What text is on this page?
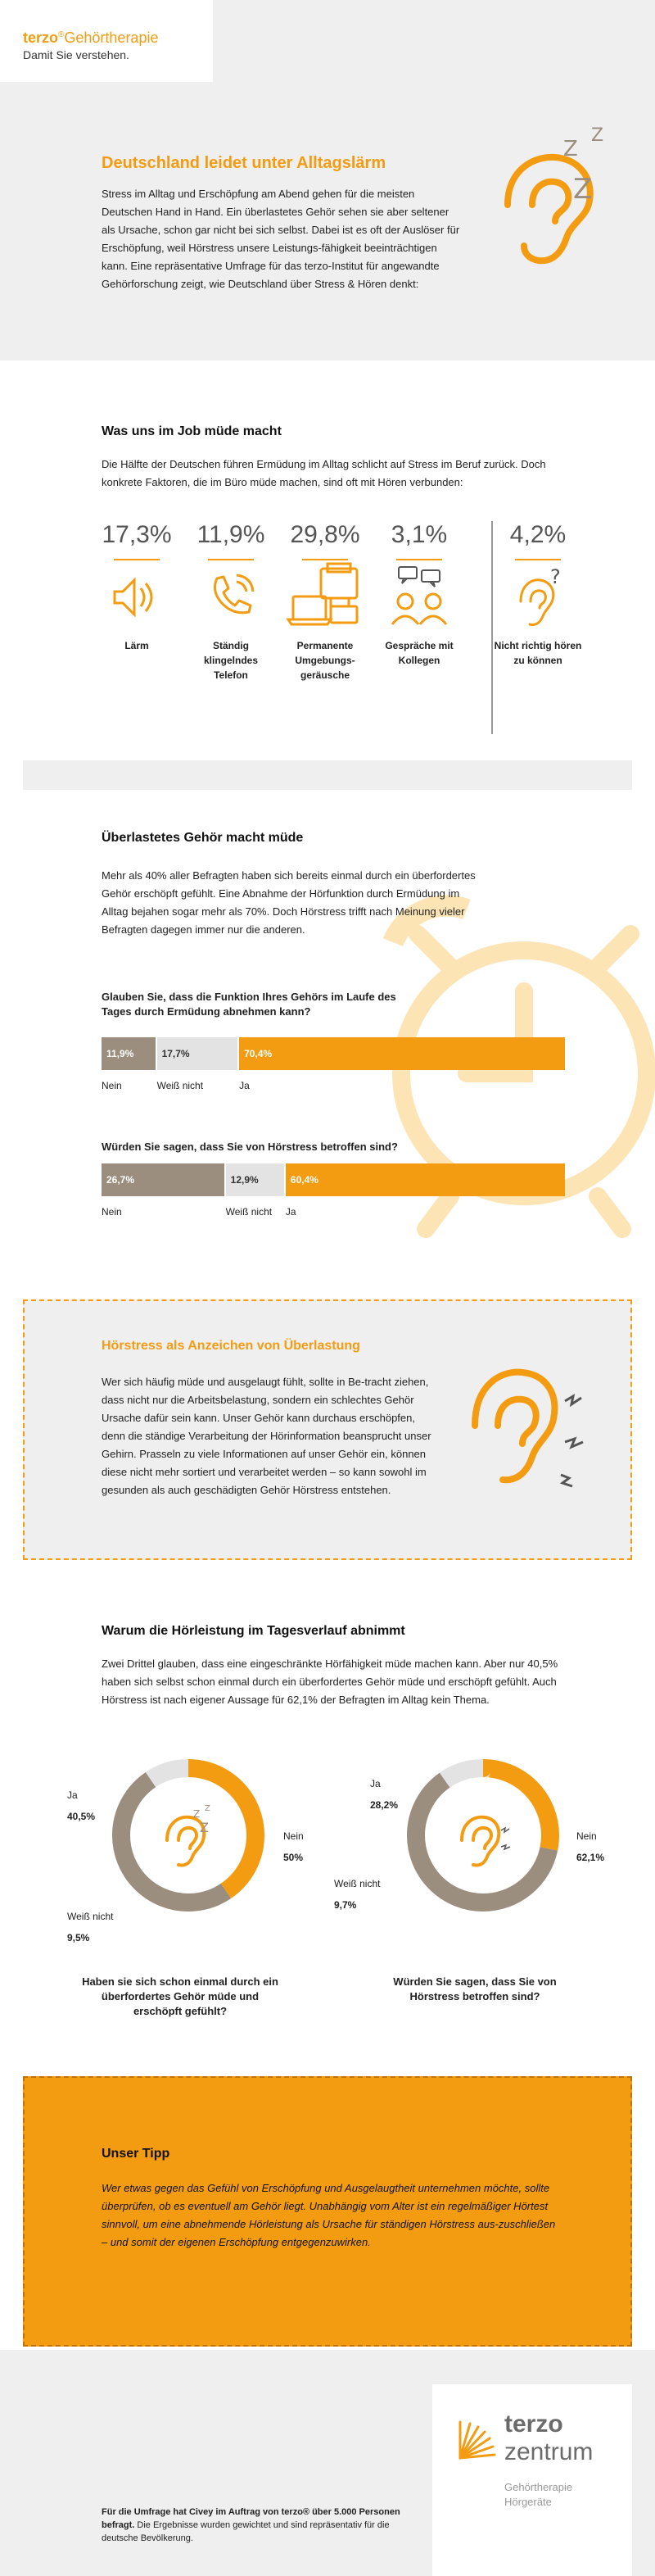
terzo®Gehörtherapie
Damit Sie verstehen.
Deutschland leidet unter Alltagslärm

Stress im Alltag und Erschöpfung am Abend gehen für die meisten Deutschen Hand in Hand. Ein überlastetes Gehör sehen sie aber seltener als Ursache, schon gar nicht bei sich selbst. Dabei ist es oft der Auslöser für Erschöpfung, weil Hörstress unsere Leistungs-fähigkeit beeinträchtigen kann. Eine repräsentative Umfrage für das terzo-Institut für angewandte Gehörforschung zeigt, wie Deutschland über Stress & Hören denkt:

Z
Z
Z
Was uns im Job müde macht

Die Hälfte der Deutschen führen Ermüdung im Alltag schlicht auf Stress im Beruf zurück. Doch konkrete Faktoren, die im Büro müde machen, sind oft mit Hören verbunden:

17,3%
Lärm
11,9%
Ständig klingelndes Telefon
29,8%
Permanente Umgebungs-geräusche
3,1%
Gespräche mit Kollegen
4,2%
?
Nicht richtig hören zu können
Überlastetes Gehör macht müde

Mehr als 40% aller Befragten haben sich bereits einmal durch ein überfordertes Gehör erschöpft gefühlt. Eine Abnahme der Hörfunktion durch Ermüdung im Alltag bejahen sogar mehr als 70%. Doch Hörstress trifft nach Meinung vieler Befragten dagegen immer nur die anderen.

Glauben Sie, dass die Funktion Ihres Gehörs im Laufe des Tages durch Ermüdung abnehmen kann?
11,9%	17,7%	70,4%
Nein	Weiß nicht	Ja
Würden Sie sagen, dass Sie von Hörstress betroffen sind?
26,7%	12,9%	60,4%
Nein	Weiß nicht Ja
Hörstress als Anzeichen von Überlastung

Wer sich häufig müde und ausgelaugt fühlt, sollte in Be-tracht ziehen, dass nicht nur die Arbeitsbelastung, sondern ein schlechtes Gehör Ursache dafür sein kann. Unser Gehör kann durchaus erschöpfen, denn die ständige Verarbeitung der Hörinformation beansprucht unser Gehirn. Prasseln zu viele Informationen auf unser Gehör ein, können diese nicht mehr sortiert und verarbeitet werden – so kann sowohl im gesunden als auch geschädigten Gehör Hörstress entstehen.

Warum die Hörleistung im Tagesverlauf abnimmt

Zwei Drittel glauben, dass eine eingeschränkte Hörfähigkeit müde machen kann. Aber nur 40,5% haben sich selbst schon einmal durch ein überfordertes Gehör müde und erschöpft gefühlt. Auch Hörstress ist nach eigener Aussage für 62,1% der Befragten im Alltag kein Thema.

Z Z
Z
Ja
40,5%
Nein
50%
Weiß nicht
9,5%
Haben sie sich schon einmal durch ein überfordertes Gehör müde und erschöpft gefühlt?
Ja
28,2%
Nein
62,1%
Weiß nicht
9,7%
Würden Sie sagen, dass Sie von Hörstress betroffen sind?
Unser Tipp

Wer etwas gegen das Gefühl von Erschöpfung und Ausgelaugtheit unternehmen möchte, sollte überprüfen, ob es eventuell am Gehör liegt. Unabhängig vom Alter ist ein regelmäßiger Hörtest sinnvoll, um eine abnehmende Hörleistung als Ursache für ständigen Hörstress aus-zuschließen – und somit der eigenen Erschöpfung entgegenzuwirken.

Für die Umfrage hat Civey im Auftrag von terzo® über 5.000 Personen befragt. Die Ergebnisse wurden gewichtet und sind repräsentativ für die deutsche Bevölkerung.
terzo
zentrum
Gehörtherapie
Hörgeräte
